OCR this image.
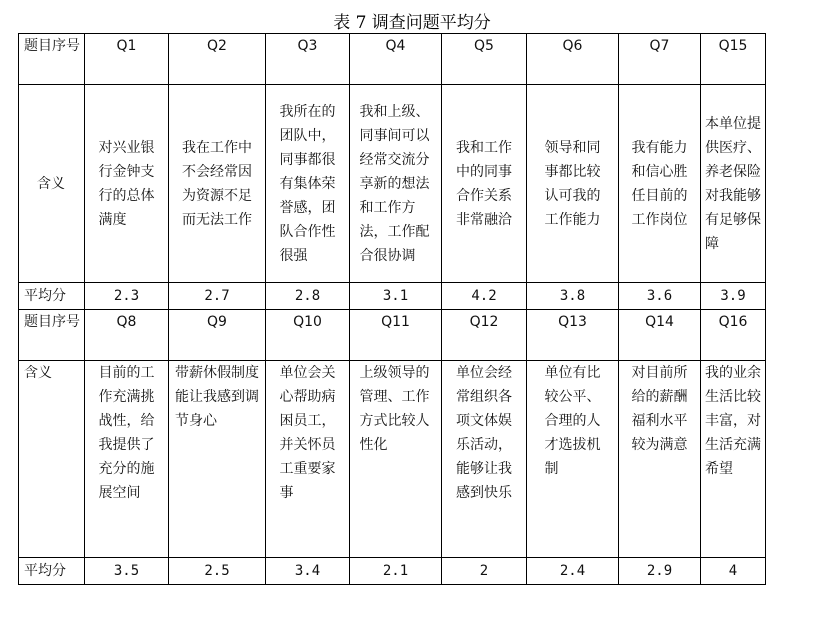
表 7 调查问题平均分
题目序号	Q1	Q2	Q3	Q4	Q5	Q6	Q7	Q15
含义	对兴业银行金钟支行的总体满度	我在工作中不会经常因为资源不足而无法工作	我所在的团队中，同事都很有集体荣誉感，团队合作性很强	我和上级、同事间可以经常交流分享新的想法和工作方法，工作配合很协调	我和工作中的同事合作关系非常融洽	领导和同事都比较认可我的工作能力	我有能力和信心胜任目前的工作岗位	本单位提供医疗、养老保险对我能够有足够保障
平均分	2.3	2.7	2.8	3.1	4.2	3.8	3.6	3.9
题目序号	Q8	Q9	Q10	Q11	Q12	Q13	Q14	Q16
含义	目前的工作充满挑战性，给我提供了充分的施展空间	带薪休假制度能让我感到调节身心	单位会关心帮助病困员工，并关怀员工重要家事	上级领导的管理、工作方式比较人性化	单位会经常组织各项文体娱乐活动，能够让我感到快乐	单位有比较公平、合理的人才选拔机制	对目前所给的薪酬福利水平较为满意	我的业余生活比较丰富，对生活充满希望
平均分	3.5	2.5	3.4	2.1	2	2.4	2.9	4
